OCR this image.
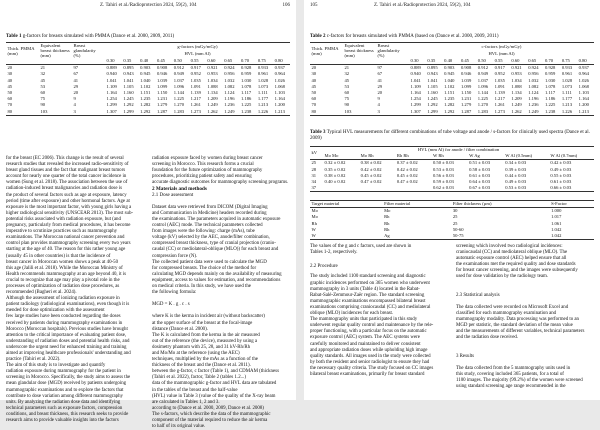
Z. Tahiri et al./Radioprotection 2024, 59(2), 104	106
Table 1 g-factors for breasts simulated with PMMA (Dance et al. 2000, 2009, 2011)
Thick. PMMA (mm)	Equivalent breast thickness (mm)	Breast glandularity (%)	g-factors (mGy/mGy)										
			HVL (mm Al)										
			0.30	0.35	0.40	0.45	0.50	0.55	0.60	0.65	0.70	0.75	0.80
20	21	97	0.889	0.895	0.903	0.908	0.912	0.917	0.921	0.924	0.928	0.933	0.937
30	32	67	0.940	0.943	0.945	0.946	0.949	0.952	0.953	0.956	0.959	0.961	0.964
40	45	41	1.041	1.041	1.040	1.039	1.037	1.035	1.034	1.032	1.030	1.028	1.026
45	53	29	1.109	1.105	1.102	1.099	1.096	1.091	1.088	1.082	1.078	1.073	1.068
50	60	20	1.164	1.160	1.151	1.150	1.144	1.139	1.134	1.124	1.117	1.111	1.103
60	75	9	1.254	1.245	1.235	1.231	1.225	1.217	1.209	1.196	1.186	1.177	1.164
70	90	4	1.299	1.292	1.282	1.279	1.270	1.261	1.249	1.236	1.225	1.213	1.200
80	103	3	1.307	1.299	1.292	1.287	1.283	1.273	1.262	1.249	1.238	1.226	1.213
for the breast (EC 2006). This change is the result of several
research studies that revealed the increased radio-sensitivity of
breast gland tissues and the fact that malignant breast tumors
account for nearly one quarter of the total cancer incidence in
women (Sung et al. 2018). The association between the use of
radiation-induced breast malignancies and radiation dose is
the product of several factors such as age at exposure, latency
period (time after exposure) and other hormonal factors. Age at
exposure is the most important factor, with young girls having a
higher radiological sensitivity (UNSCEAR 2013). The most sub-
potential risks associated with radiation exposure, but (and
pregnancy, particularly from medical procedures, it has become
imperative to scrutinize practices such as mammography
examinations. The Moroccan national cancer prevention and
control plan provides mammography screening every two years
starting at the age of 40. The reason for this rather young age
(usually 45 in other countries) is that the incidence of
breast cancer in Moroccan women shows a peak at 40-50
this age (Jalili et al. 2018). While the Moroccan Ministry of
Health recommends mammography at an age beyond 40, it is
crucial to recognize that age may play a pivotal role in the
processes of optimization of radiation dose procedures, as
recommended (Bagheri et al. 2024).
Although the assessment of ionizing radiation exposure in
patient radiology (radiological examinations), even though it is
mended for dose optimization with the assessment
few large studies have been conducted regarding the doses
received by patients during mammography examinations in
Morocco (Moroccan hospitals). Previous studies have brought
attention to the critical importance of evaluating patient dose,
understanding of radiation doses and potential health risks, and
underscore the urgent need for enhanced training and training
aimed at improving healthcare professionals' understanding and
practice (Tahiri et al. 2022).
The aim of this study is to investigate and quantify
radiation exposure during mammography for the patient in
screening in Morocco. Specifically, the study aims to assess the
mean glandular dose (MGD) received by patients undergoing
mammographic examinations and to explore the factors that
contribute to dose variation among different mammography
units. By analyzing the radiation dose data and identifying
technical parameters such as exposure factors, compression
conditions, and breast thickness, this research seeks to provide
research aims to provide valuable insights into the factors
2 Materials and methods
2.1 Dose assessment
radiation exposure faced by women during breast cancer
screening in Morocco. This research forms a crucial
foundation for the future optimization of mammography
procedures, prioritizing patient safety and ensuring
accurate diagnostic outcomes for mammography screening programs.
Dataset data were retrieved from DICOM (Digital Imaging
and Communication in Medicine) headers recorded during
the examinations. The parameters acquired in automatic exposure
control (AEC) mode. The technical parameters collected
from images were the following: charge (mAs), tube
voltage (kV) selected by the AEC, anode/filter combination,
compressed breast thickness, type of cranial projection (cranio-
caudal (CC) or mediolateral-oblique (MLO)) for each breast and
compression force (N).
The collected patient data were used to calculate the MGD
for compressed breasts. The choice of the method for
calculating MGD depends mainly on the availability of measuring
equipment, access to values for estimation, and recommendations
on medical criteria. In this study, we have used the
the following formula:
MGD = K . g . c . s
where K is the kerma in incident air (without backscatter)
at the upper surface of the breast at the focal-image
distance (Dance et al. 2000).
The K is calculated from the kerma in the air measured
out of the reference (the device), measured by using a
dosimetry phantom with 25, 28, and 31 kV-Rh/Rh
and Mo/Mo at the reference (using the AEC)
techniques, multiplied by the mAs as a function of the
thickness of the breast and the (Dance et al. 2011).
between the g-factor, c factor (Table 1), and CDMAM (thickness
(Tahiri et al. 2022), factor, Table 2 (tables 1.2...)
data of the mammographic g-factor and HVL data are tabulated
in the tables of the breast and the half-value
(HVL) value in Table 3 (value of the quality of the X-ray beam
are calculated in Tables 1, 2 and 3.
according to (Dance et al. 2000, 2009, Dance et al. 2008)
The s-factors, which describe the data of the mammographic
component of the material required to reduce the air kerma
to half of its original value.
105	Z. Tahiri et al./Radioprotection 2024, 59(2), 104
Table 2 c-factors for breasts simulated with PMMA (based on (Dance et al. 2000, 2009, 2011)
Thick. PMMA (mm)	Equivalent breast thickness (mm)	Breast glandularity (%)	c-factors (mGy/mGy)										
			HVL (mm Al)										
			0.30	0.35	0.40	0.45	0.50	0.55	0.60	0.65	0.70	0.75	0.80
20	21	97	0.889	0.895	0.903	0.908	0.912	0.917	0.921	0.924	0.928	0.933	0.937
30	32	67	0.940	0.943	0.945	0.946	0.949	0.952	0.953	0.956	0.959	0.961	0.964
40	45	41	1.041	1.041	1.040	1.039	1.037	1.035	1.034	1.032	1.030	1.028	1.026
45	53	29	1.109	1.105	1.102	1.099	1.096	1.091	1.088	1.082	1.078	1.073	1.068
50	60	20	1.164	1.160	1.151	1.150	1.144	1.139	1.134	1.124	1.117	1.111	1.103
60	75	9	1.254	1.245	1.235	1.231	1.225	1.217	1.209	1.196	1.186	1.177	1.164
70	90	4	1.299	1.292	1.282	1.279	1.270	1.261	1.249	1.236	1.225	1.213	1.200
80	103	3	1.307	1.299	1.292	1.287	1.283	1.273	1.262	1.249	1.238	1.226	1.213
Table 3 Typical HVL measurements for different combinations of tube voltage and anode / s-factors for clinically used spectra (Dance et al. 2009)
kV	HVL (mm Al) for anode / filter combination						
	Mo Mo	Mo Rh	Rh Rh	W Rh	W Ag	W Al (0.5mm)	W Al (0.7mm)
25	0.32 ± 0.02	0.38 ± 0.02	0.37 ± 0.02	0.50 ± 0.03	0.51 ± 0.03	0.34 ± 0.03	0.42 ± 0.03
28	0.35 ± 0.02	0.42 ± 0.02	0.42 ± 0.02	0.53 ± 0.03	0.58 ± 0.03	0.39 ± 0.03	0.49 ± 0.03
31	0.38 ± 0.02	0.45 ± 0.02	0.45 ± 0.02	0.56 ± 0.03	0.61 ± 0.03	0.44 ± 0.03	0.55 ± 0.03
34	0.40 ± 0.02	0.47 ± 0.02	0.47 ± 0.02	0.59 ± 0.03	0.64 ± 0.03	0.49 ± 0.03	0.61 ± 0.03
37				0.62 ± 0.03	0.67 ± 0.03	0.53 ± 0.03	0.66 ± 0.03
Target material	Filter material	Filter thickness (µm)	S-Factor
Mo	Mo	30	1.000
Mo	Rh	25	1.017
Rh	Rh	25	1.061
W	Rh	50-60	1.042
W	Ag	50-75	1.042
The values of the g and c factors, used are shown in
Tables 1-2, respectively.
The study included 1100 standard screening and diagnostic
graphic incidences performed on 365 women who underwent
mammography in 3 units (Table 4) located in the Rabat-
Rabat-Salé-Zemmour-Zaër region. The standard screening
mammographic examinations encompassed bilateral breast
examinations comprising craniocaudal (CC) and mediolateral
oblique (MLO) incidences for each breast.
The mammography units that participated in this study
underwent regular quality control and maintenance by the rele-
proper functioning, with a particular focus on the automatic
exposure control (AEC) system. The AEC systems were
carefully monitored and maintained to deliver consistent
and appropriate radiation doses while upholding high image
quality standards. All images used in the study were collected
by both the resident and senior radiologist to ensure they had
the necessary quality criteria. The study focused on CC images
bilateral breast examinations, primarily for breast standard
2.2 Procedure
screening which involved two radiological incidences:
craniocaudal (CC) and mediolateral oblique (MLO). The
automatic exposure control (AEC) helped ensure that all
the examinations met the required quality and dose standards
for breast cancer screening, and the images were subsequently
used for dose validation by the radiology team.
2.3 Statistical analysis
The data collected were recorded on Microsoft Excel and
classified for each mammography examination and
mammography modality. Data processing was performed to an
MGD per statistic, the standard deviation of the mean value
and the measurements of different variables, technical parameters
and the radiation dose received.
3 Results
The data collected from the 5 mammography units used in
this study, covering included 365 patients, for a total of
1100 images. The majority (99.2%) of the women were screened
using standard screening age range recommended in the
